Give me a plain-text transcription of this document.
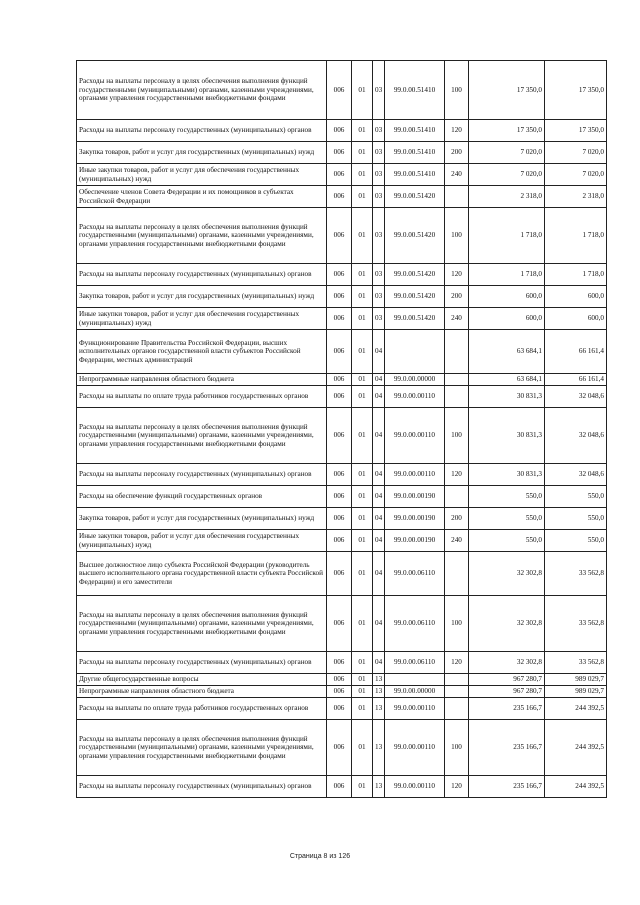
Расходы на выплаты персоналу в целях обеспечения выполнения функций государственными (муниципальными) органами, казенными учреждениями, органами управления государственными внебюджетными фондами	006	01	03	99.0.00.51410	100	17 350,0	17 350,0
Расходы на выплаты персоналу государственных (муниципальных) органов	006	01	03	99.0.00.51410	120	17 350,0	17 350,0
Закупка товаров, работ и услуг для государственных (муниципальных) нужд	006	01	03	99.0.00.51410	200	7 020,0	7 020,0
Иные закупки товаров, работ и услуг для обеспечения государственных (муниципальных) нужд	006	01	03	99.0.00.51410	240	7 020,0	7 020,0
Обеспечение членов Совета Федерации и их помощников в субъектах Российской Федерации	006	01	03	99.0.00.51420		2 318,0	2 318,0
Расходы на выплаты персоналу в целях обеспечения выполнения функций государственными (муниципальными) органами, казенными учреждениями, органами управления государственными внебюджетными фондами	006	01	03	99.0.00.51420	100	1 718,0	1 718,0
Расходы на выплаты персоналу государственных (муниципальных) органов	006	01	03	99.0.00.51420	120	1 718,0	1 718,0
Закупка товаров, работ и услуг для государственных (муниципальных) нужд	006	01	03	99.0.00.51420	200	600,0	600,0
Иные закупки товаров, работ и услуг для обеспечения государственных (муниципальных) нужд	006	01	03	99.0.00.51420	240	600,0	600,0
Функционирование Правительства Российской Федерации, высших исполнительных органов государственной власти субъектов Российской Федерации, местных администраций	006	01	04			63 684,1	66 161,4
Непрограммные направления областного бюджета	006	01	04	99.0.00.00000		63 684,1	66 161,4
Расходы на выплаты по оплате труда работников государственных органов	006	01	04	99.0.00.00110		30 831,3	32 048,6
Расходы на выплаты персоналу в целях обеспечения выполнения функций государственными (муниципальными) органами, казенными учреждениями, органами управления государственными внебюджетными фондами	006	01	04	99.0.00.00110	100	30 831,3	32 048,6
Расходы на выплаты персоналу государственных (муниципальных) органов	006	01	04	99.0.00.00110	120	30 831,3	32 048,6
Расходы на обеспечение функций государственных органов	006	01	04	99.0.00.00190		550,0	550,0
Закупка товаров, работ и услуг для государственных (муниципальных) нужд	006	01	04	99.0.00.00190	200	550,0	550,0
Иные закупки товаров, работ и услуг для обеспечения государственных (муниципальных) нужд	006	01	04	99.0.00.00190	240	550,0	550,0
Высшее должностное лицо субъекта Российской Федерации (руководитель высшего исполнительного органа государственной власти субъекта Российской Федерации) и его заместители	006	01	04	99.0.00.06110		32 302,8	33 562,8
Расходы на выплаты персоналу в целях обеспечения выполнения функций государственными (муниципальными) органами, казенными учреждениями, органами управления государственными внебюджетными фондами	006	01	04	99.0.00.06110	100	32 302,8	33 562,8
Расходы на выплаты персоналу государственных (муниципальных) органов	006	01	04	99.0.00.06110	120	32 302,8	33 562,8
Другие общегосударственные вопросы	006	01	13			967 280,7	989 029,7
Непрограммные направления областного бюджета	006	01	13	99.0.00.00000		967 280,7	989 029,7
Расходы на выплаты по оплате труда работников государственных органов	006	01	13	99.0.00.00110		235 166,7	244 392,5
Расходы на выплаты персоналу в целях обеспечения выполнения функций государственными (муниципальными) органами, казенными учреждениями, органами управления государственными внебюджетными фондами	006	01	13	99.0.00.00110	100	235 166,7	244 392,5
Расходы на выплаты персоналу государственных (муниципальных) органов	006	01	13	99.0.00.00110	120	235 166,7	244 392,5
Страница 8 из 126
